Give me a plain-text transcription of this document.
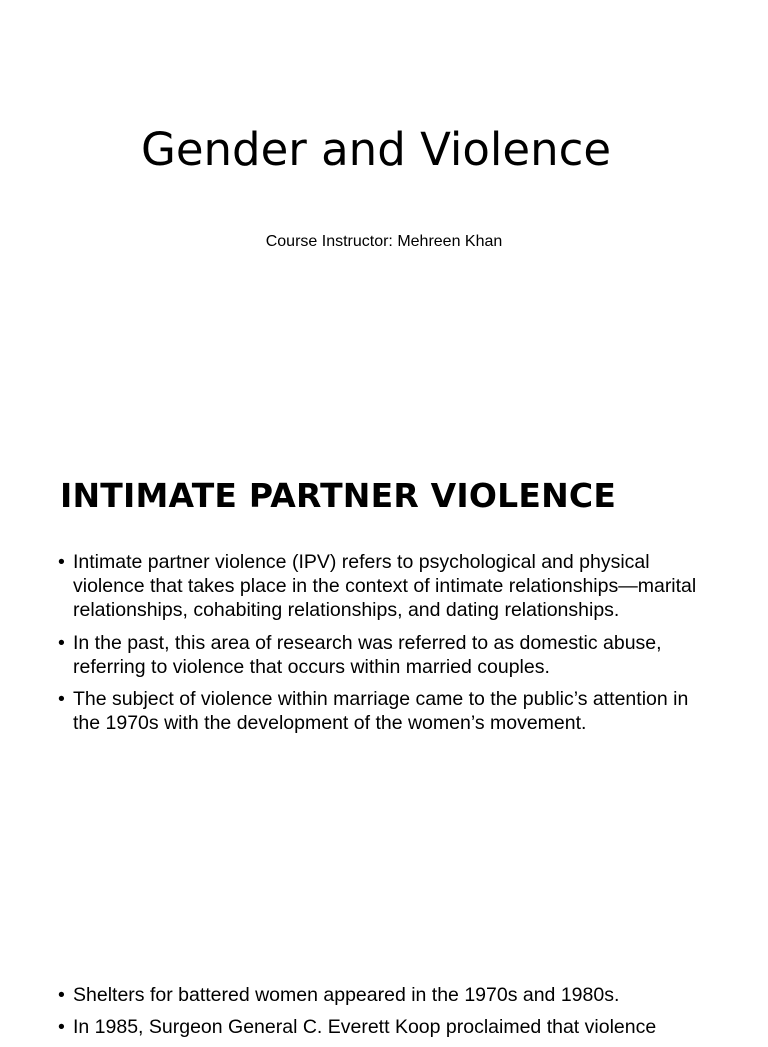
Gender and Violence

Course Instructor: Mehreen Khan

INTIMATE PARTNER VIOLENCE
• Intimate partner violence (IPV) refers to psychological and physical violence that takes place in the context of intimate relationships—marital relationships, cohabiting relationships, and dating relationships.
• In the past, this area of research was referred to as domestic abuse, referring to violence that occurs within married couples.
• The subject of violence within marriage came to the public’s attention in the 1970s with the development of the women’s movement.
• Shelters for battered women appeared in the 1970s and 1980s.
• In 1985, Surgeon General C. Everett Koop proclaimed that violence
